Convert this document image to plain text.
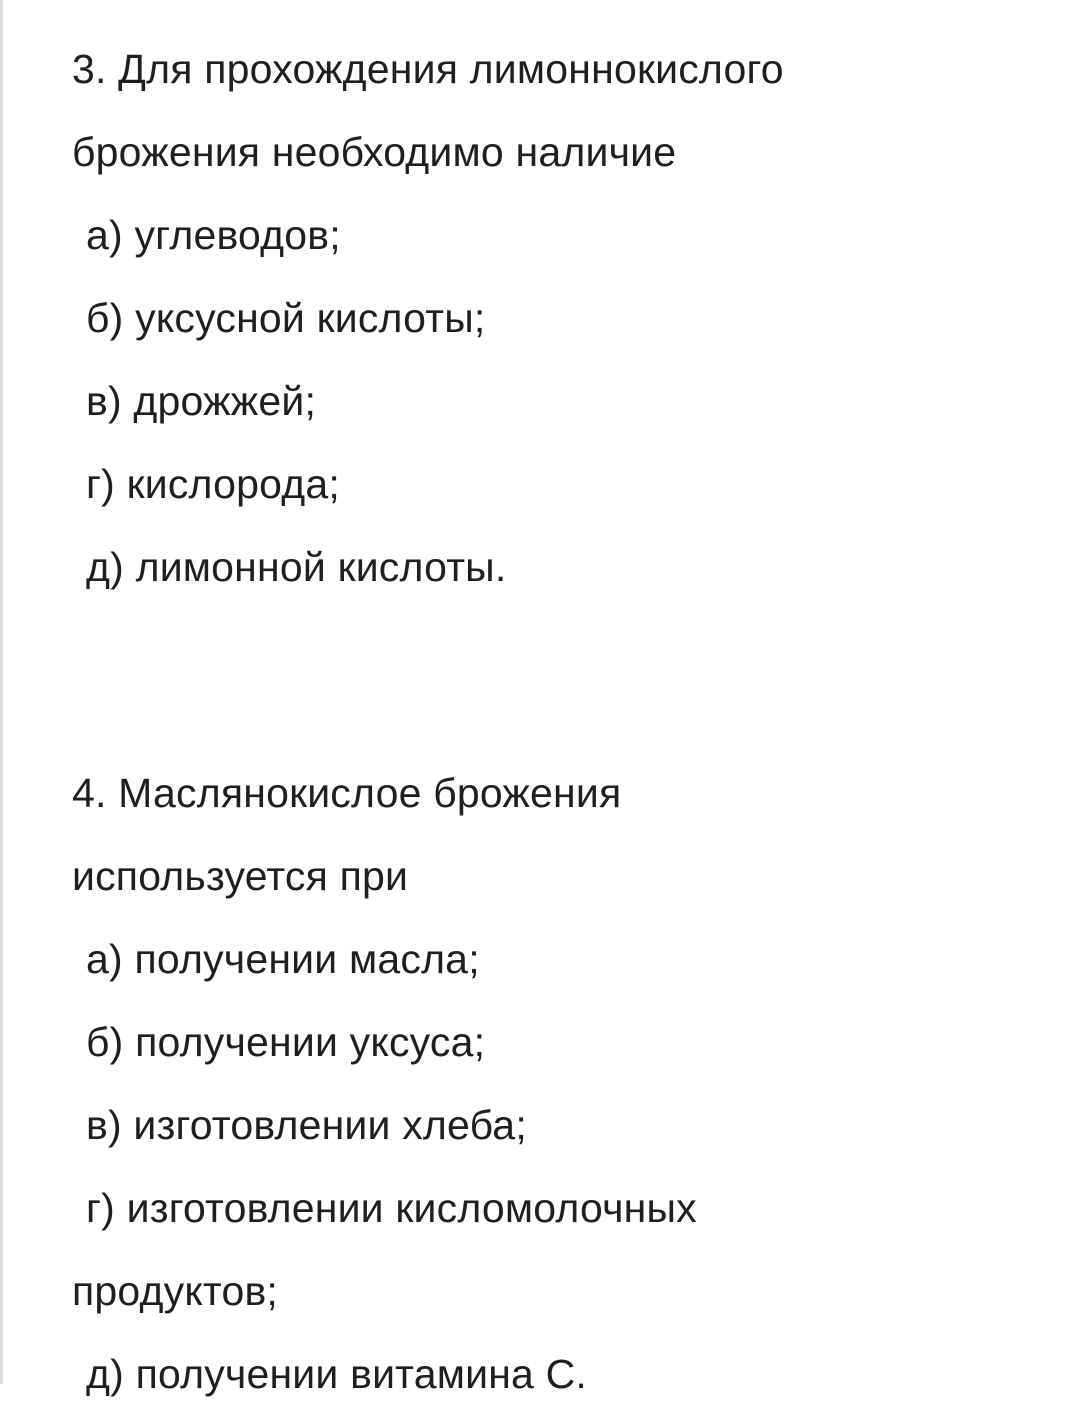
3. Для прохождения лимоннокислого
брожения необходимо наличие
а) углеводов;
б) уксусной кислоты;
в) дрожжей;
г) кислорода;
д) лимонной кислоты.
4. Маслянокислое брожения
используется при
а) получении масла;
б) получении уксуса;
в) изготовлении хлеба;
г) изготовлении кисломолочных
продуктов;
д) получении витамина С.
